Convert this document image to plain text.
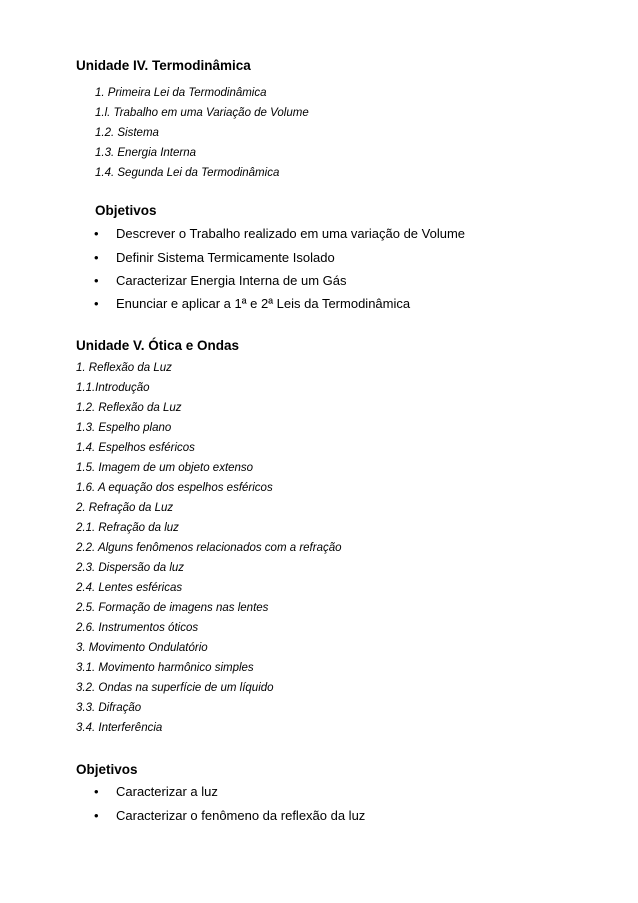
Unidade IV. Termodinâmica
1. Primeira Lei da Termodinâmica
1.l. Trabalho em uma Variação de Volume
1.2. Sistema
1.3. Energia Interna
1.4. Segunda Lei da Termodinâmica
Objetivos
• Descrever o Trabalho realizado em uma variação de Volume
• Definir Sistema Termicamente Isolado
• Caracterizar Energia Interna de um Gás
• Enunciar e aplicar a 1ª e 2ª Leis da Termodinâmica
Unidade V. Ótica e Ondas
1. Reflexão da Luz
1.1.Introdução
1.2. Reflexão da Luz
1.3. Espelho plano
1.4. Espelhos esféricos
1.5. Imagem de um objeto extenso
1.6. A equação dos espelhos esféricos
2. Refração da Luz
2.1. Refração da luz
2.2. Alguns fenômenos relacionados com a refração
2.3. Dispersão da luz
2.4. Lentes esféricas
2.5. Formação de imagens nas lentes
2.6. Instrumentos óticos
3. Movimento Ondulatório
3.1. Movimento harmônico simples
3.2. Ondas na superfície de um líquido
3.3. Difração
3.4. Interferência
Objetivos
• Caracterizar a luz
• Caracterizar o fenômeno da reflexão da luz
